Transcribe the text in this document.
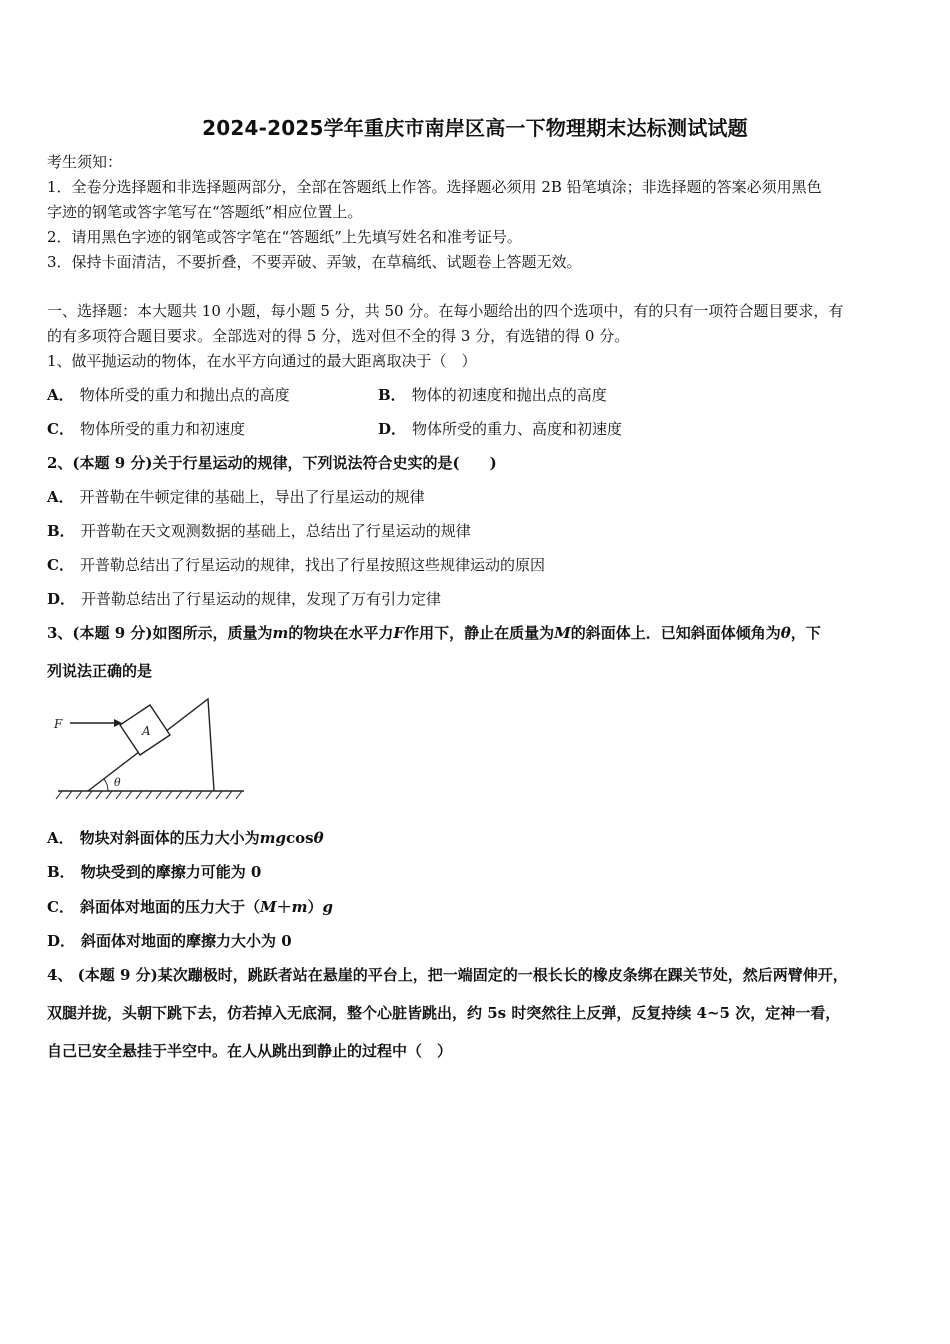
2024-2025学年重庆市南岸区高一下物理期末达标测试试题
考生须知：
1．全卷分选择题和非选择题两部分，全部在答题纸上作答。选择题必须用 2B 铅笔填涂；非选择题的答案必须用黑色
字迹的钢笔或答字笔写在“答题纸”相应位置上。
2．请用黑色字迹的钢笔或答字笔在“答题纸”上先填写姓名和准考证号。
3．保持卡面清洁，不要折叠，不要弄破、弄皱，在草稿纸、试题卷上答题无效。
一、选择题：本大题共 10 小题，每小题 5 分，共 50 分。在每小题给出的四个选项中，有的只有一项符合题目要求，有
的有多项符合题目要求。全部选对的得 5 分，选对但不全的得 3 分，有选错的得 0 分。
1、做平抛运动的物体，在水平方向通过的最大距离取决于（　）
A． 物体所受的重力和抛出点的高度	B． 物体的初速度和抛出点的高度
C． 物体所受的重力和初速度	D． 物体所受的重力、高度和初速度
2、(本题 9 分)关于行星运动的规律，下列说法符合史实的是(　　)
A． 开普勒在牛顿定律的基础上，导出了行星运动的规律
B． 开普勒在天文观测数据的基础上，总结出了行星运动的规律
C． 开普勒总结出了行星运动的规律，找出了行星按照这些规律运动的原因
D． 开普勒总结出了行星运动的规律，发现了万有引力定律
3、(本题 9 分)如图所示，质量为m的物块在水平力F作用下，静止在质量为M的斜面体上．已知斜面体倾角为θ，下
列说法正确的是
F	A
θ
A． 物块对斜面体的压力大小为mgcosθ
B． 物块受到的摩擦力可能为 0
C． 斜面体对地面的压力大于（M＋m）g
D． 斜面体对地面的摩擦力大小为 0
4、 (本题 9 分)某次蹦极时，跳跃者站在悬崖的平台上，把一端固定的一根长长的橡皮条绑在踝关节处，然后两臂伸开，
双腿并拢，头朝下跳下去，仿若掉入无底洞，整个心脏皆跳出，约 5s 时突然往上反弹，反复持续 4~5 次，定神一看，
自己已安全悬挂于半空中。在人从跳出到静止的过程中（　）
